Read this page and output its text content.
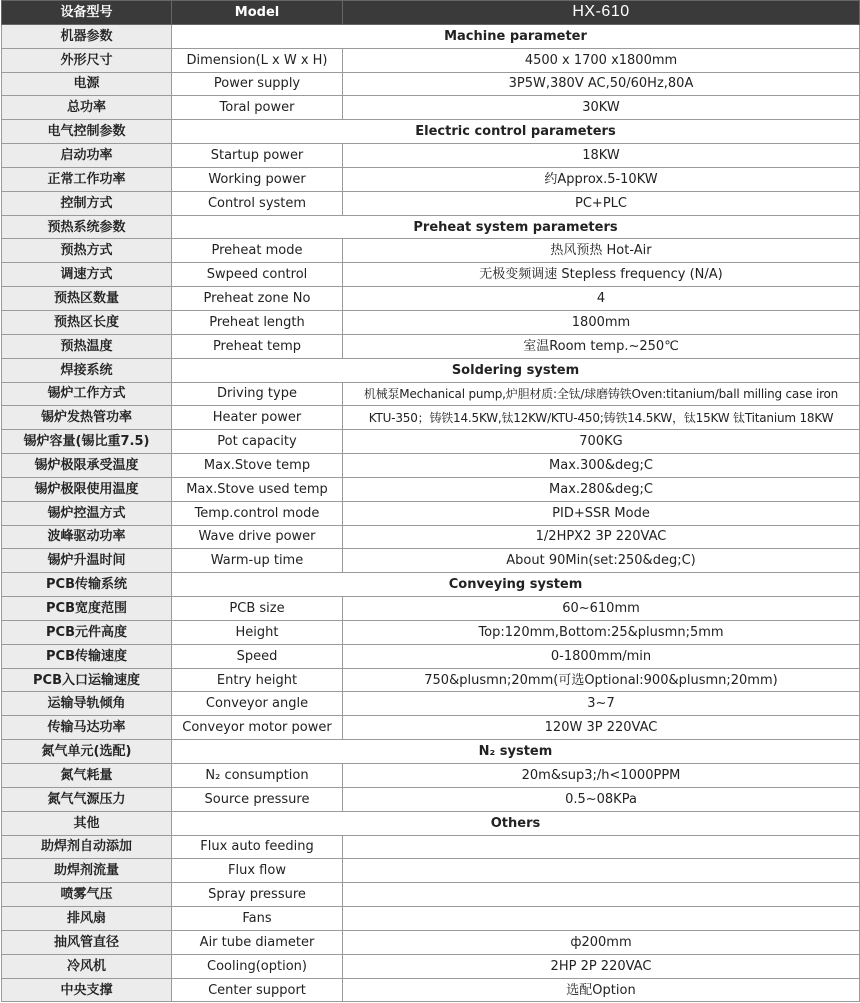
设备型号	Model	HX-610
机器参数	Machine parameter	
外形尺寸	Dimension(L x W x H)	4500 x 1700 x1800mm
电源	Power supply	3P5W,380V AC,50/60Hz,80A
总功率	Toral power	30KW
电气控制参数	Electric control parameters	
启动功率	Startup power	18KW
正常工作功率	Working power	约Approx.5-10KW
控制方式	Control system	PC+PLC
预热系统参数	Preheat system parameters	
预热方式	Preheat mode	热风预热 Hot-Air
调速方式	Swpeed control	无极变频调速 Stepless frequency (N/A)
预热区数量	Preheat zone No	4
预热区长度	Preheat length	1800mm
预热温度	Preheat temp	室温Room temp.~250℃
焊接系统	Soldering system	
锡炉工作方式	Driving type	机械泵Mechanical pump,炉胆材质:全钛/球磨铸铁Oven:titanium/ball milling case iron
锡炉发热管功率	Heater power	KTU-350；铸铁14.5KW,钛12KW/KTU-450;铸铁14.5KW，钛15KW 钛Titanium 18KW
锡炉容量(锡比重7.5)	Pot capacity	700KG
锡炉极限承受温度	Max.Stove temp	Max.300&deg;C
锡炉极限使用温度	Max.Stove used temp	Max.280&deg;C
锡炉控温方式	Temp.control mode	PID+SSR Mode
波峰驱动功率	Wave drive power	1/2HPX2 3P 220VAC
锡炉升温时间	Warm-up time	About 90Min(set:250&deg;C)
PCB传输系统	Conveying system	
PCB宽度范围	PCB size	60~610mm
PCB元件高度	Height	Top:120mm,Bottom:25&plusmn;5mm
PCB传输速度	Speed	0-1800mm/min
PCB入口运输速度	Entry height	750&plusmn;20mm(可选Optional:900&plusmn;20mm)
运输导轨倾角	Conveyor angle	3~7
传输马达功率	Conveyor motor power	120W 3P 220VAC
氮气单元(选配)	N₂ system	
氮气耗量	N₂ consumption	20m&sup3;/h<1000PPM
氮气气源压力	Source pressure	0.5~08KPa
其他	Others	
助焊剂自动添加	Flux auto feeding	
助焊剂流量	Flux flow	
喷雾气压	Spray pressure	
排风扇	Fans	
抽风管直径	Air tube diameter	ф200mm
冷风机	Cooling(option)	2HP 2P 220VAC
中央支撑	Center support	选配Option
